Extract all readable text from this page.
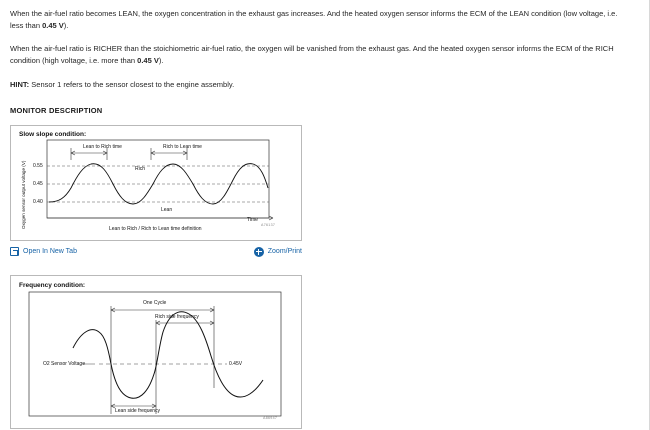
When the air-fuel ratio becomes LEAN, the oxygen concentration in the exhaust gas increases. And the heated oxygen sensor informs the ECM of the LEAN condition (low voltage, i.e. less than 0.45 V).

When the air-fuel ratio is RICHER than the stoichiometric air-fuel ratio, the oxygen will be vanished from the exhaust gas. And the heated oxygen sensor informs the ECM of the RICH condition (high voltage, i.e. more than 0.45 V).

HINT: Sensor 1 refers to the sensor closest to the engine assembly.

MONITOR DESCRIPTION
Slow slope condition:
Oxygen sensor output voltage (V)
Lean to Rich time	Rich to Lean time
Rich
Lean
Time
Lean to Rich / Rich to Lean time definition
0.55
0.45
0.40
A76137
Open In New Tab	Zoom/Print
Frequency condition:
One Cycle
Rich side frequency
Lean side frequency
O2 Sensor Voltage	0.45V
A86947
